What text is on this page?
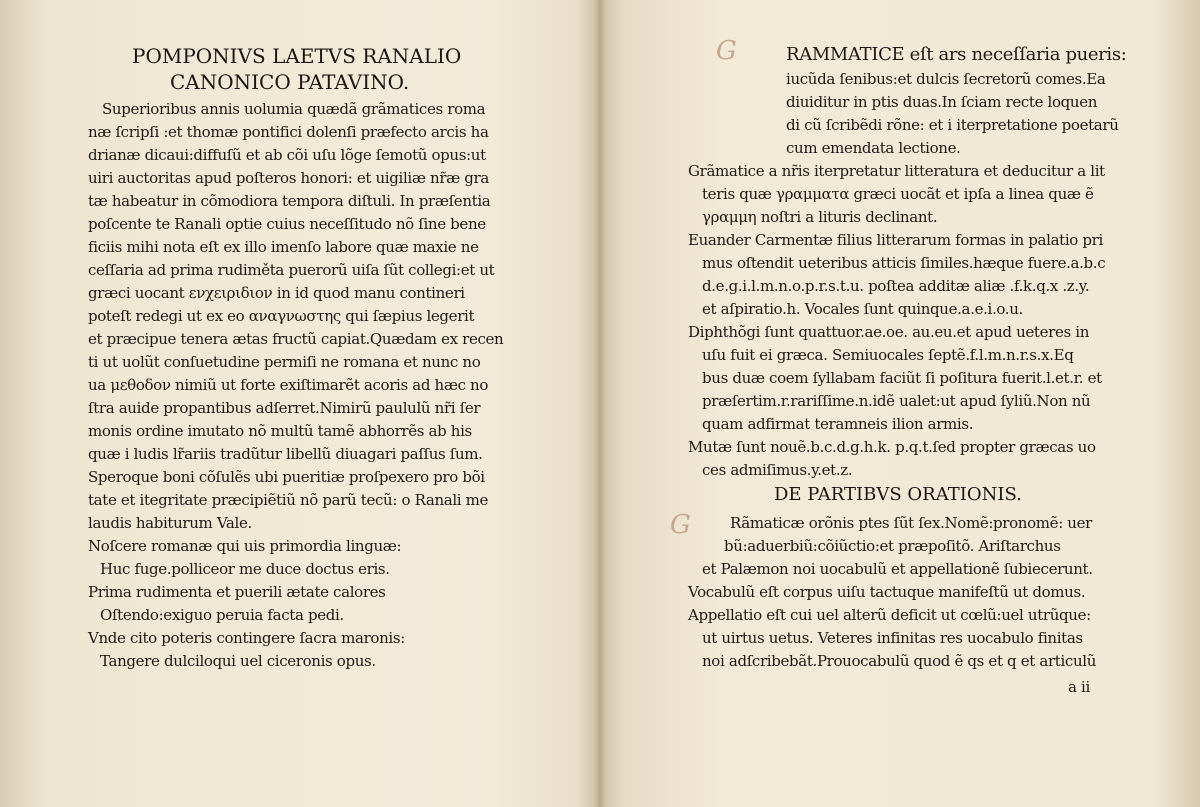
POMPONIVS LAETVS RANALIO
CANONICO PATAVINO.
Superioribus annis uolumia quædã grãmatices roma
næ ſcripſi :et thomæ pontifici dolenſi præfecto arcis ha
drianæ dicaui:diffuſũ et ab cõi uſu lõge ſemotũ opus:ut
uiri auctoritas apud poſteros honori: et uigiliæ nr̃æ gra
tæ habeatur in cõmodiora tempora diſtuli. In præſentia
poſcente te Ranali optie cuius neceſſitudo nõ ſine bene
ficiis mihi nota eſt ex illo imenſo labore quæ maxie ne
ceſſaria ad prima rudiměta puerorũ uiſa ſũt collegi:et ut
græci uocant ενχειριδιον in id quod manu contineri
poteſt redegi ut ex eo αναγνωστης qui ſæpius legerit
et præcipue tenera ætas fructũ capiat.Quædam ex recen
ti ut uolũt conſuetudine permiſi ne romana et nunc no
ua μεθοδον nimiũ ut forte exiſtimarẽt acoris ad hæc no
ſtra auide propantibus adſerret.Nimirũ paululũ nr̃i ſer
monis ordine imutato nõ multũ tamẽ abhorrẽs ab his
quæ i ludis lr̃ariis tradũtur libellũ diuagari paſſus ſum.
Speroque boni cõſulẽs ubi pueritiæ proſpexero pro bõi
tate et itegritate præcipiẽtiũ nõ parũ tecũ: o Ranali me
laudis habiturum Vale.
Noſcere romanæ qui uis primordia linguæ:
Huc fuge.polliceor me duce doctus eris.
Prima rudimenta et puerili ætate calores
Oſtendo:exiguo peruia facta pedi.
Vnde cito poteris contingere ſacra maronis:
Tangere dulciloqui uel ciceronis opus.
G	RAMMATICE eſt ars neceſſaria pueris:
iucũda ſenibus:et dulcis ſecretorũ comes.Ea
diuiditur in ptis duas.In ſciam recte loquen
di cũ ſcribẽdi rõne: et i iterpretatione poetarũ
cum emendata lectione.
Grãmatice a nr̃is iterpretatur litteratura et deducitur a lit
teris quæ γραμματα græci uocãt et ipſa a linea quæ ẽ
γραμμη noſtri a lituris declinant.
Euander Carmentæ filius litterarum formas in palatio pri
mus oſtendit ueteribus atticis ſimiles.hæque fuere.a.b.c
d.e.g.i.l.m.n.o.p.r.s.t.u. poſtea additæ aliæ .f.k.q.x .z.y.
et aſpiratio.h. Vocales ſunt quinque.a.e.i.o.u.
Diphthõgi ſunt quattuor.ae.oe. au.eu.et apud ueteres in
uſu fuit ei græca. Semiuocales ſeptẽ.f.l.m.n.r.s.x.Eq
bus duæ coem ſyllabam faciũt ſi poſitura fuerit.l.et.r. et
præſertim.r.rariſſime.n.idẽ ualet:ut apud ſyliũ.Non nũ
quam adfirmat teramneis ilion armis.
Mutæ ſunt nouẽ.b.c.d.g.h.k. p.q.t.ſed propter græcas uo
ces admiſimus.y.et.z.
DE PARTIBVS ORATIONIS.
G	Rãmaticæ orõnis ptes ſũt ſex.Nomẽ:pronomẽ: uer
bũ:aduerbiũ:cõiũctio:et præpoſitõ. Ariſtarchus
et Palæmon noi uocabulũ et appellationẽ ſubiecerunt.
Vocabulũ eſt corpus uiſu tactuque manifeſtũ ut domus.
Appellatio eſt cui uel alterũ deficit ut cœlũ:uel utrũque:
ut uirtus uetus. Veteres infinitas res uocabulo finitas
noi adſcribebãt.Prouocabulũ quod ẽ qs et q et articulũ
a ii
